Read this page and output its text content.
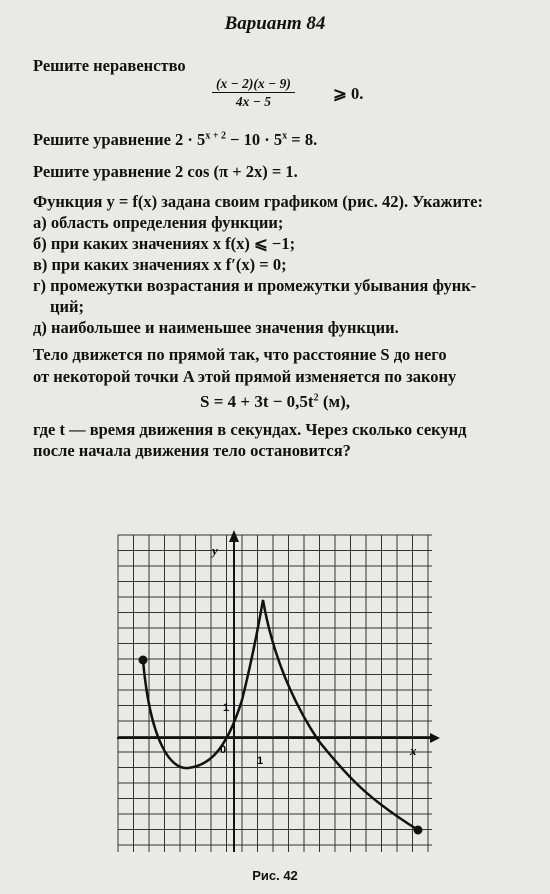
Вариант 84
Решите неравенство
$\frac{(x - 2)(x - 9)}{4x - 5}$ ⩾ 0.
Решите уравнение $2 \cdot 5^{x + 2} - 10 \cdot 5^x = 8$.
Решите уравнение 2 cos (π + 2x) = 1.
Функция y = f(x) задана своим графиком (рис. 42). Укажите:
а) область определения функции;
б) при каких значениях x f(x) ⩽ −1;
в) при каких значениях x f′(x) = 0;
г) промежутки возрастания и промежутки убывания функ-
ций;
д) наибольшее и наименьшее значения функции.
Тело движется по прямой так, что расстояние S до него
от некоторой точки A этой прямой изменяется по закону
$S = 4 + 3t - 0,5t^2$ (м),
где t — время движения в секундах. Через сколько секунд
после начала движения тело остановится?
y
x
0
1
1
Рис. 42
